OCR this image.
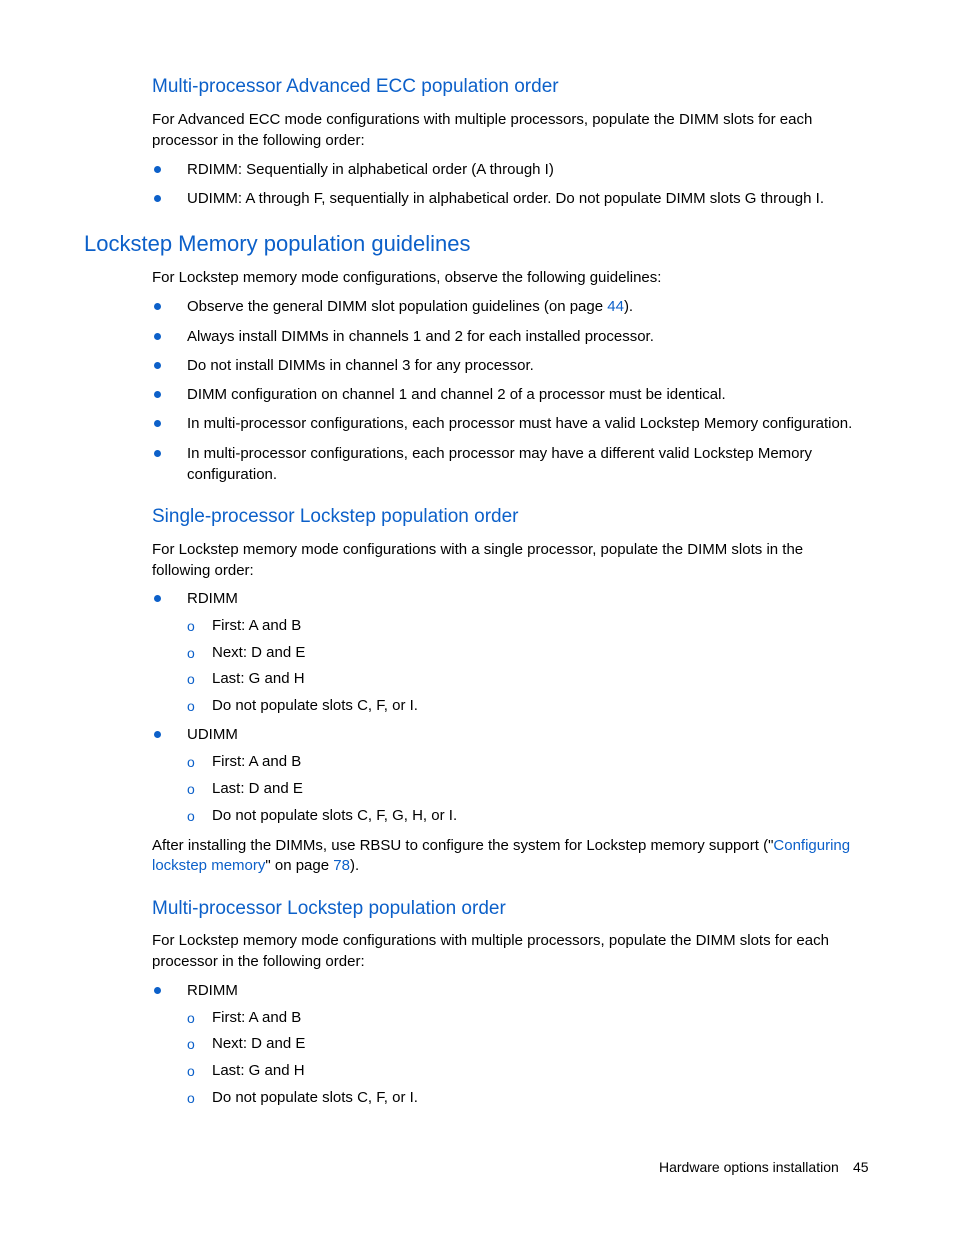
Multi-processor Advanced ECC population order
For Advanced ECC mode configurations with multiple processors, populate the DIMM slots for each
processor in the following order:
RDIMM: Sequentially in alphabetical order (A through I)
UDIMM: A through F, sequentially in alphabetical order. Do not populate DIMM slots G through I.
Lockstep Memory population guidelines
For Lockstep memory mode configurations, observe the following guidelines:
Observe the general DIMM slot population guidelines (on page 44).
Always install DIMMs in channels 1 and 2 for each installed processor.
Do not install DIMMs in channel 3 for any processor.
DIMM configuration on channel 1 and channel 2 of a processor must be identical.
In multi-processor configurations, each processor must have a valid Lockstep Memory configuration.
In multi-processor configurations, each processor may have a different valid Lockstep Memory
configuration.
Single-processor Lockstep population order
For Lockstep memory mode configurations with a single processor, populate the DIMM slots in the
following order:
RDIMM
o First: A and B
o Next: D and E
o Last: G and H
o Do not populate slots C, F, or I.
UDIMM
o First: A and B
o Last: D and E
o Do not populate slots C, F, G, H, or I.
After installing the DIMMs, use RBSU to configure the system for Lockstep memory support ("Configuring
lockstep memory" on page 78).
Multi-processor Lockstep population order
For Lockstep memory mode configurations with multiple processors, populate the DIMM slots for each
processor in the following order:
RDIMM
o First: A and B
o Next: D and E
o Last: G and H
o Do not populate slots C, F, or I.
Hardware options installation 45
